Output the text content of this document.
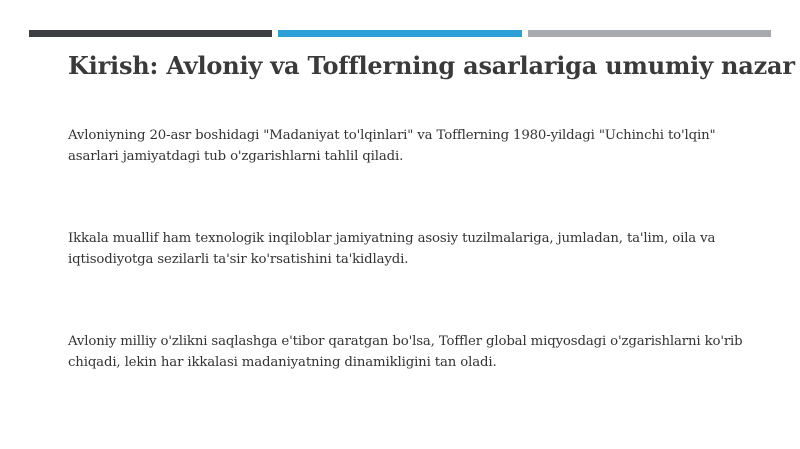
Kirish: Avloniy va Tofflerning asarlariga umumiy nazar
Avloniyning 20-asr boshidagi "Madaniyat to'lqinlari" va Tofflerning 1980-yildagi "Uchinchi to'lqin" asarlari jamiyatdagi tub o'zgarishlarni tahlil qiladi.
Ikkala muallif ham texnologik inqiloblar jamiyatning asosiy tuzilmalariga, jumladan, ta'lim, oila va iqtisodiyotga sezilarli ta'sir ko'rsatishini ta'kidlaydi.
Avloniy milliy o'zlikni saqlashga e'tibor qaratgan bo'lsa, Toffler global miqyosdagi o'zgarishlarni ko'rib chiqadi, lekin har ikkalasi madaniyatning dinamikligini tan oladi.
